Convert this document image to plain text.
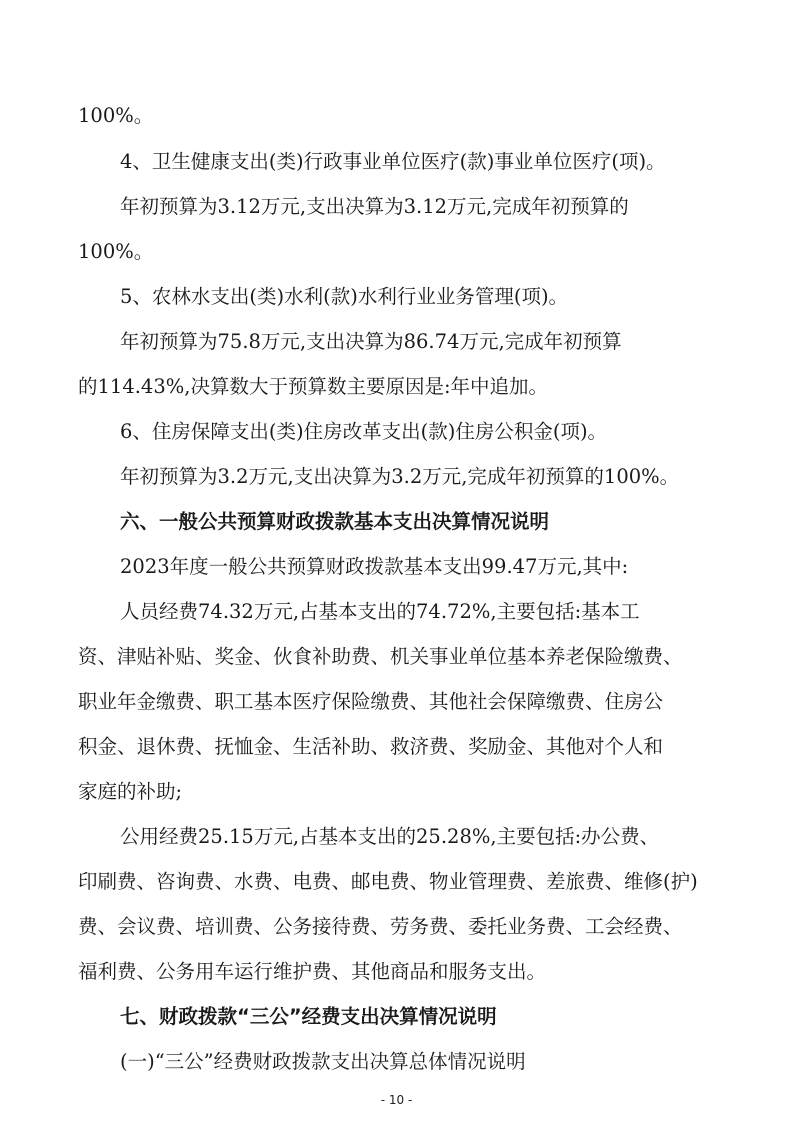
100%。
4、卫生健康支出(类)行政事业单位医疗(款)事业单位医疗(项)。
年初预算为3.12万元,支出决算为3.12万元,完成年初预算的
100%。
5、农林水支出(类)水利(款)水利行业业务管理(项)。
年初预算为75.8万元,支出决算为86.74万元,完成年初预算
的114.43%,决算数大于预算数主要原因是:年中追加。
6、住房保障支出(类)住房改革支出(款)住房公积金(项)。
年初预算为3.2万元,支出决算为3.2万元,完成年初预算的100%。
六、一般公共预算财政拨款基本支出决算情况说明
2023年度一般公共预算财政拨款基本支出99.47万元,其中:
人员经费74.32万元,占基本支出的74.72%,主要包括:基本工
资、津贴补贴、奖金、伙食补助费、机关事业单位基本养老保险缴费、
职业年金缴费、职工基本医疗保险缴费、其他社会保障缴费、住房公
积金、退休费、抚恤金、生活补助、救济费、奖励金、其他对个人和
家庭的补助;
公用经费25.15万元,占基本支出的25.28%,主要包括:办公费、
印刷费、咨询费、水费、电费、邮电费、物业管理费、差旅费、维修(护)
费、会议费、培训费、公务接待费、劳务费、委托业务费、工会经费、
福利费、公务用车运行维护费、其他商品和服务支出。
七、财政拨款“三公”经费支出决算情况说明
(一)“三公”经费财政拨款支出决算总体情况说明
- 10 -
